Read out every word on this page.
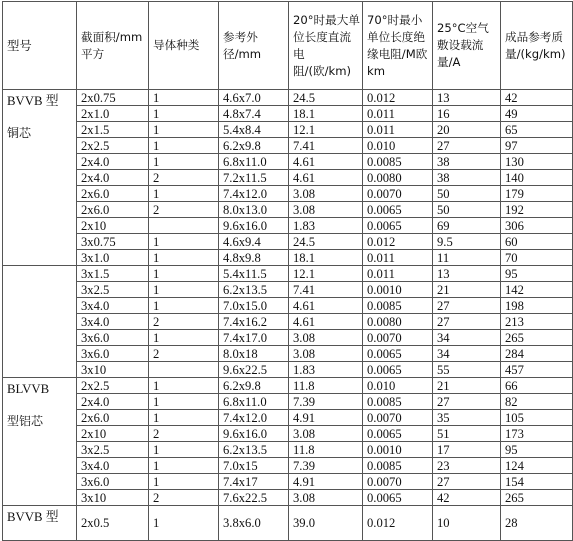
型号	截面积/mm平方	导体种类	参考外径/mm	20°时最大单位长度直流电阻/(欧/km)	70°时最小单位长度绝缘电阻/M欧km	25°C空气敷设载流量/A	成品参考质量/(kg/km)

BVVB 型
铜芯	2x0.75	1	4.6x7.0	24.5	0.012	13	42
	2x1.0	1	4.8x7.4	18.1	0.011	16	49
	2x1.5	1	5.4x8.4	12.1	0.011	20	65
	2x2.5	1	6.2x9.8	7.41	0.010	27	97
	2x4.0	1	6.8x11.0	4.61	0.0085	38	130
	2x4.0	2	7.2x11.5	4.61	0.0080	38	140
	2x6.0	1	7.4x12.0	3.08	0.0070	50	179
	2x6.0	2	8.0x13.0	3.08	0.0065	50	192
	2x10		9.6x16.0	1.83	0.0065	69	306
	3x0.75	1	4.6x9.4	24.5	0.012	9.5	60
	3x1.0	1	4.8x9.8	18.1	0.011	11	70

	3x1.5	1	5.4x11.5	12.1	0.011	13	95
	3x2.5	1	6.2x13.5	7.41	0.0010	21	142
	3x4.0	1	7.0x15.0	4.61	0.0085	27	198
	3x4.0	2	7.4x16.2	4.61	0.0080	27	213
	3x6.0	1	7.4x17.0	3.08	0.0070	34	265
	3x6.0	2	8.0x18	3.08	0.0065	34	284
	3x10		9.6x22.5	1.83	0.0065	55	457

BLVVB
型铝芯	2x2.5	1	6.2x9.8	11.8	0.010	21	66
	2x4.0	1	6.8x11.0	7.39	0.0085	27	82
	2x6.0	1	7.4x12.0	4.91	0.0070	35	105
	2x10	2	9.6x16.0	3.08	0.0065	51	173
	3x2.5	1	6.2x13.5	11.8	0.0010	17	95
	3x4.0	1	7.0x15	7.39	0.0085	23	124
	3x6.0	1	7.4x17	4.91	0.0070	27	154
	3x10	2	7.6x22.5	3.08	0.0065	42	265

BVVB 型	2x0.5	1	3.8x6.0	39.0	0.012	10	28
